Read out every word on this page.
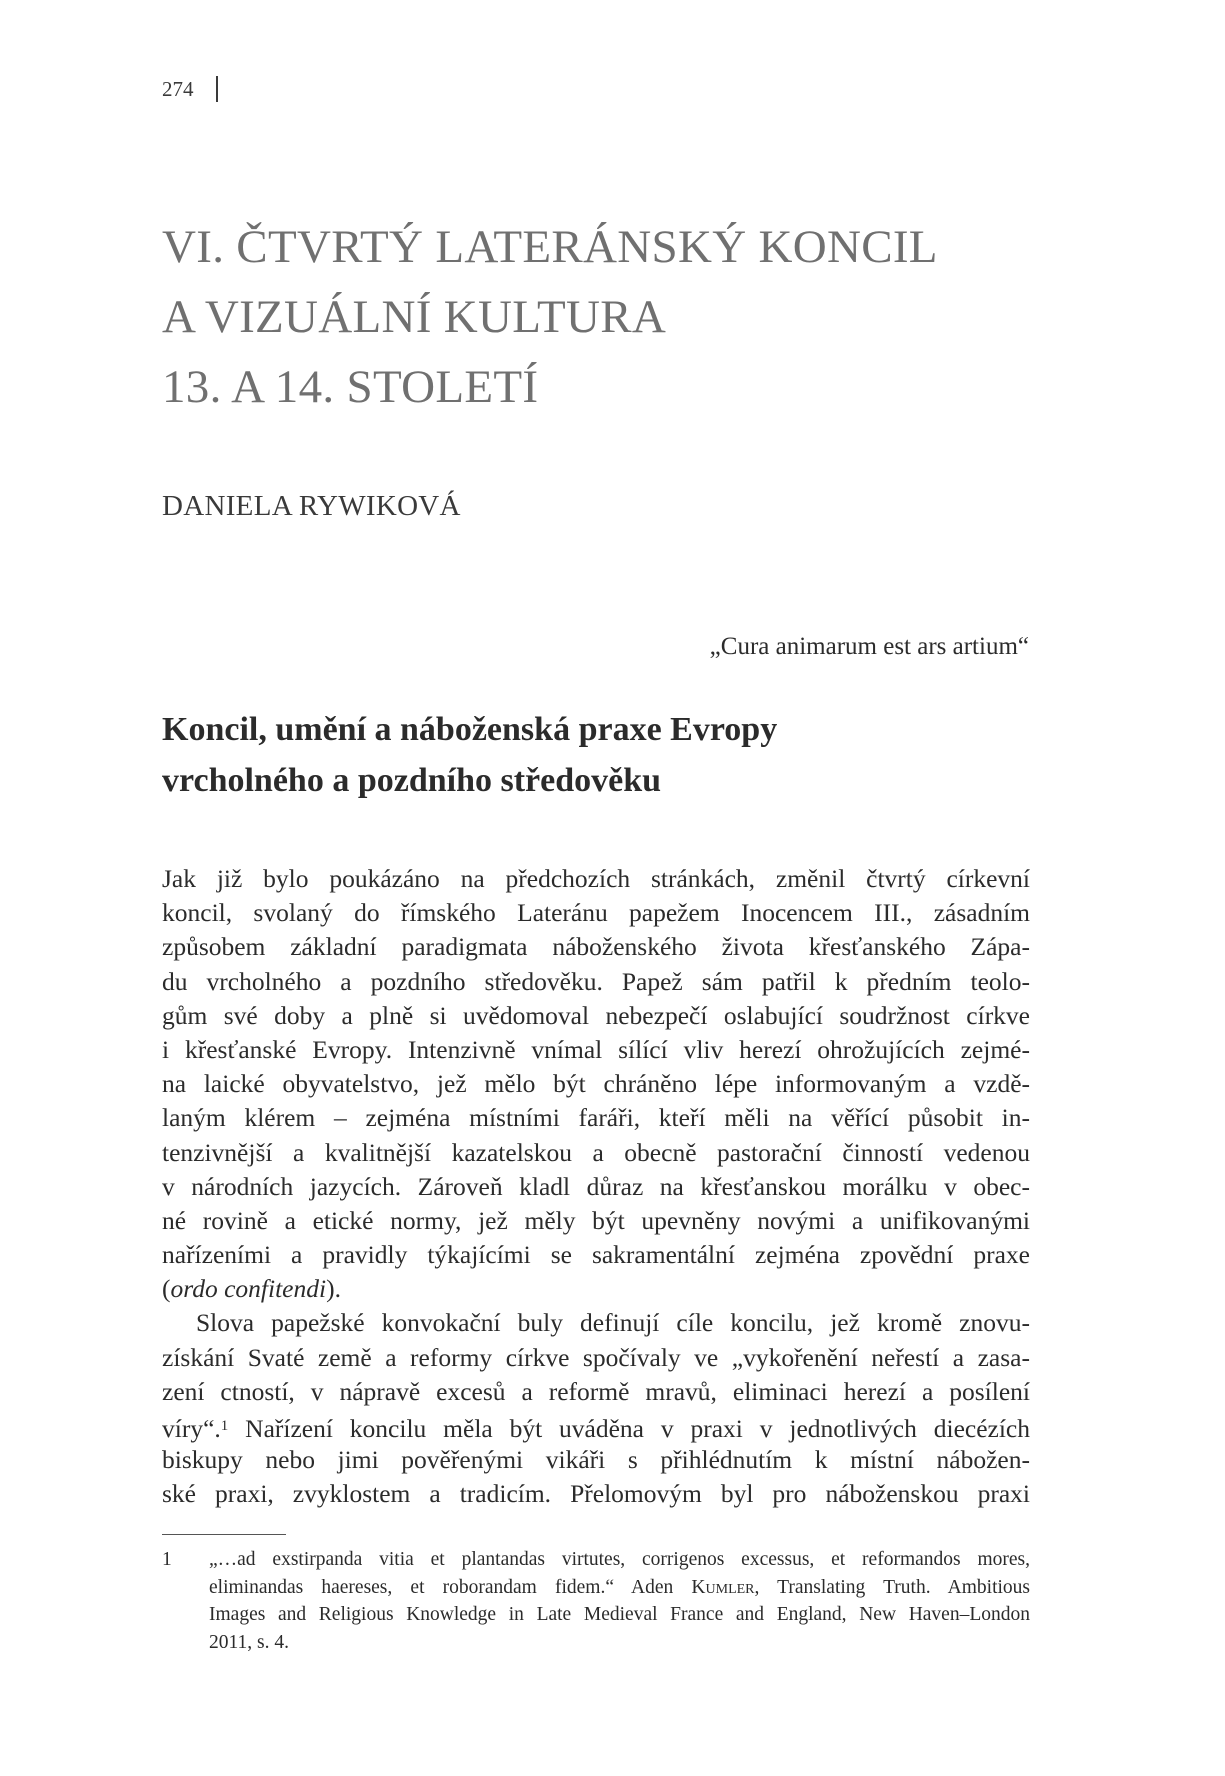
274
VI. ČTVRTÝ LATERÁNSKÝ KONCIL
A VIZUÁLNÍ KULTURA
13. A 14. STOLETÍ
DANIELA RYWIKOVÁ
„Cura animarum est ars artium“
Koncil, umění a náboženská praxe Evropy
vrcholného a pozdního středověku
Jak již bylo poukázáno na předchozích stránkách, změnil čtvrtý církevní
koncil, svolaný do římského Lateránu papežem Inocencem III., zásadním
způsobem základní paradigmata náboženského života křesťanského Zápa-
du vrcholného a pozdního středověku. Papež sám patřil k předním teolo-
gům své doby a plně si uvědomoval nebezpečí oslabující soudržnost církve
i křesťanské Evropy. Intenzivně vnímal sílící vliv herezí ohrožujících zejmé-
na laické obyvatelstvo, jež mělo být chráněno lépe informovaným a vzdě-
laným klérem – zejména místními faráři, kteří měli na věřící působit in-
tenzivnější a kvalitnější kazatelskou a obecně pastorační činností vedenou
v národních jazycích. Zároveň kladl důraz na křesťanskou morálku v obec-
né rovině a etické normy, jež měly být upevněny novými a unifikovanými
nařízeními a pravidly týkajícími se sakramentální zejména zpovědní praxe
(ordo confitendi).
Slova papežské konvokační buly definují cíle koncilu, jež kromě znovu-
získání Svaté země a reformy církve spočívaly ve „vykořenění neřestí a zasa-
zení ctností, v nápravě excesů a reformě mravů, eliminaci herezí a posílení
víry“.$^1$ Nařízení koncilu měla být uváděna v praxi v jednotlivých diecézích
biskupy nebo jimi pověřenými vikáři s přihlédnutím k místní nábožen-
ské praxi, zvyklostem a tradicím. Přelomovým byl pro náboženskou praxi
1 „…ad exstirpanda vitia et plantandas virtutes, corrigenos excessus, et reformandos mores,
eliminandas haereses, et roborandam fidem.“ Aden Kumler, Translating Truth. Ambitious
Images and Religious Knowledge in Late Medieval France and England, New Haven–London
2011, s. 4.
